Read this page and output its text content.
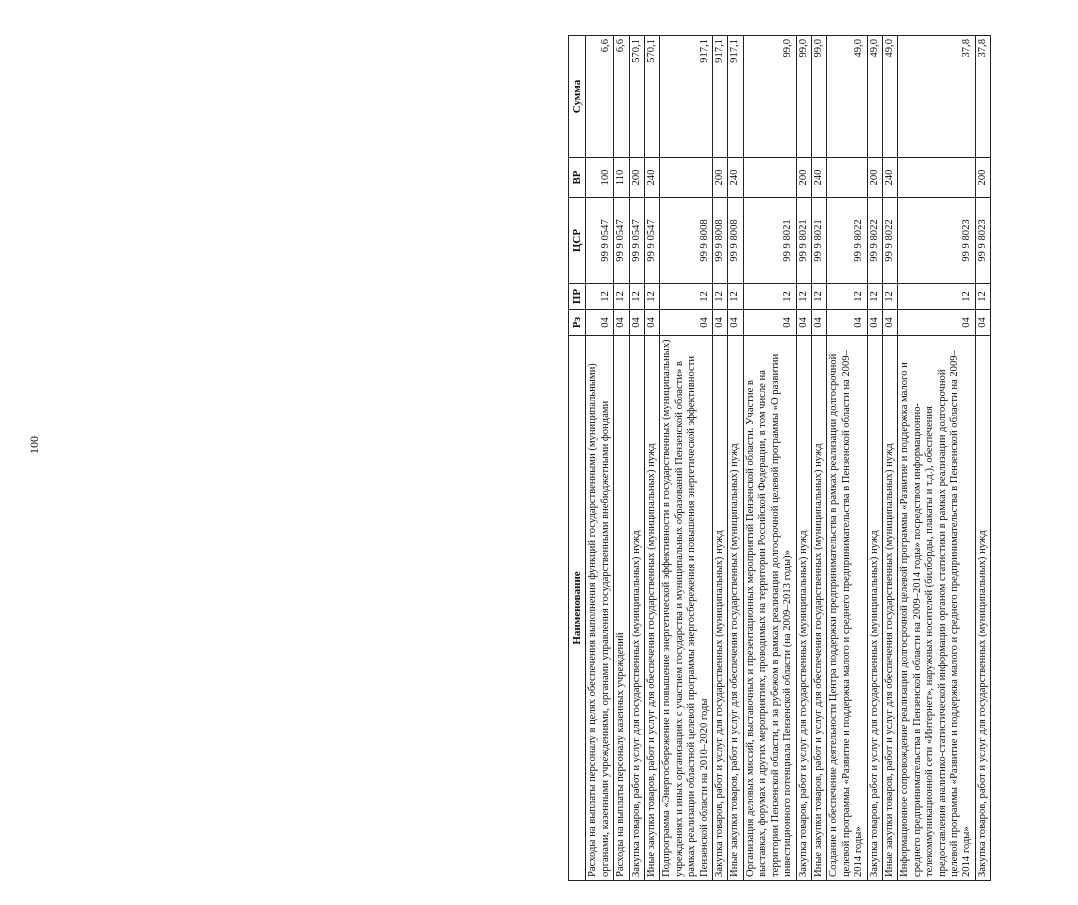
100
Наименование	Рз	ПР	ЦСР	ВР	Сумма
Расходы на выплаты персоналу в целях обеспечения выполнения функций государственными (муниципальными) органами, казенными учреждениями, органами управления государственными внебюджетными фондами	04	12	99 9 0547	100	6,6
Расходы на выплаты персоналу казенных учреждений	04	12	99 9 0547	110	6,6
Закупка товаров, работ и услуг для государственных (муниципальных) нужд	04	12	99 9 0547	200	570,1
Иные закупки товаров, работ и услуг для обеспечения государственных (муниципальных) нужд	04	12	99 9 0547	240	570,1
Подпрограмма «Энергосбережение и повышение энергетической эффективности в государственных (муниципальных) учреждениях и иных организациях с участием государства и муниципальных образований Пензенской области» в рамках реализации областной целевой программы энергосбережения и повышения энергетической эффективности Пензенской области на 2010–2020 годы	04	12	99 9 8008		917,1
Закупка товаров, работ и услуг для государственных (муниципальных) нужд	04	12	99 9 8008	200	917,1
Иные закупки товаров, работ и услуг для обеспечения государственных (муниципальных) нужд	04	12	99 9 8008	240	917,1
Организация деловых миссий, выставочных и презентационных мероприятий Пензенской области. Участие в выставках, форумах и других мероприятиях, проводимых на территории Российской Федерации, в том числе на территории Пензенской области, и за рубежом в рамках реализации долгосрочной целевой программы «О развитии инвестиционного потенциала Пензенской области (на 2009–2013 годы)»	04	12	99 9 8021		99,0
Закупка товаров, работ и услуг для государственных (муниципальных) нужд	04	12	99 9 8021	200	99,0
Иные закупки товаров, работ и услуг для обеспечения государственных (муниципальных) нужд	04	12	99 9 8021	240	99,0
Создание и обеспечение деятельности Центра поддержки предпринимательства в рамках реализации долгосрочной целевой программы «Развитие и поддержка малого и среднего предпринимательства в Пензенской области на 2009–2014 годы»	04	12	99 9 8022		49,0
Закупка товаров, работ и услуг для государственных (муниципальных) нужд	04	12	99 9 8022	200	49,0
Иные закупки товаров, работ и услуг для обеспечения государственных (муниципальных) нужд	04	12	99 9 8022	240	49,0
Информационное сопровождение реализации долгосрочной целевой программы «Развитие и поддержка малого и среднего предпринимательства в Пензенской области на 2009–2014 годы» посредством информационно-телекоммуникационной сети «Интернет», наружных носителей (билборды, плакаты и т.д.), обеспечения предоставления аналитико-статистической информации органом статистики в рамках реализации долгосрочной целевой программы «Развитие и поддержка малого и среднего предпринимательства в Пензенской области на 2009–2014 годы»	04	12	99 9 8023		37,8
Закупка товаров, работ и услуг для государственных (муниципальных) нужд	04	12	99 9 8023	200	37,8
